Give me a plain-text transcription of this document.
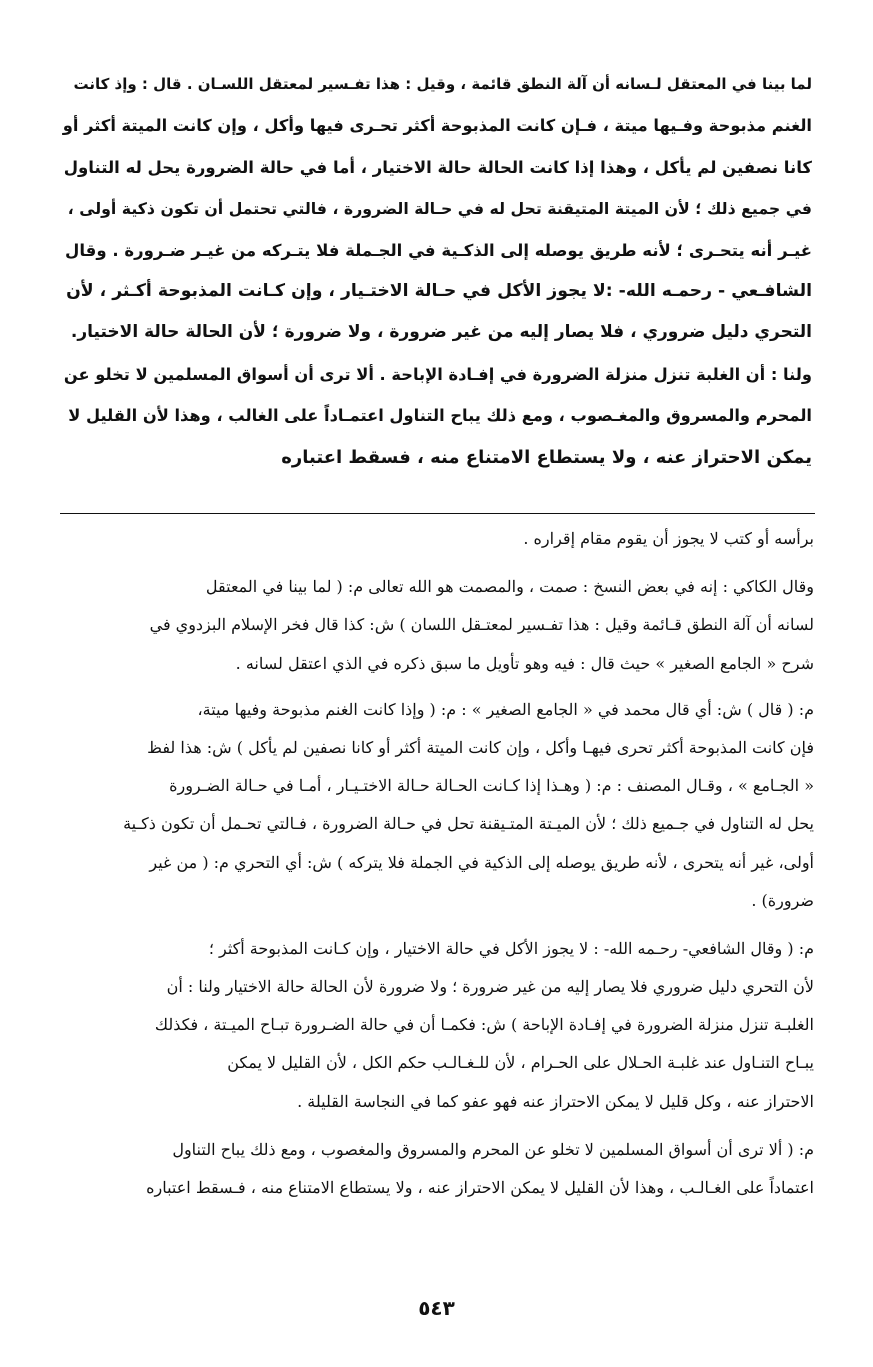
لما بينا في المعتقل لـسانه أن آلة النطق قائمة ، وقيل : هذا تفـسير لمعتقل اللسـان . قال : وإذ كانت
الغنم مذبوحة وفـيها ميتة ، فـإن كانت المذبوحة أكثر تحـرى فيها وأكل ، وإن كانت الميتة أكثر أو
كانا نصفين لم يأكل ، وهذا إذا كانت الحالة حالة الاختيار ، أما في حالة الضرورة يحل له التناول
في جميع ذلك ؛ لأن الميتة المتيقنة تحل له في حـالة الضرورة ، فالتي تحتمل أن تكون ذكية أولى ،
غيـر أنه يتحـرى ؛ لأنه طريق يوصله إلى الذكـية في الجـملة فلا يتـركه من غيـر ضـرورة . وقال
الشافـعي - رحمـه الله- :لا يجوز الأكل في حـالة الاختـيار ، وإن كـانت المذبوحة أكـثر ، لأن
التحري دليل ضروري ، فلا يصار إليه من غير ضرورة ، ولا ضرورة ؛ لأن الحالة حالة الاختيار.
ولنا : أن الغلبة تنزل منزلة الضرورة في إفـادة الإباحة . ألا ترى أن أسواق المسلمين لا تخلو عن
المحرم والمسروق والمغـصوب ، ومع ذلك يباح التناول اعتمـاداً على الغالب ، وهذا لأن القليل لا
يمكن الاحتراز عنه ، ولا يستطاع الامتناع منه ، فسقط اعتباره
برأسه أو كتب لا يجوز أن يقوم مقام إقراره .
وقال الكاكي : إنه في بعض النسخ : صمت ، والمصمت هو الله تعالى م: ( لما بينا في المعتقل
لسانه أن آلة النطق قـائمة وقيل : هذا تفـسير لمعتـقل اللسان ) ش: كذا قال فخر الإسلام البزدوي في
شرح « الجامع الصغير » حيث قال : فيه وهو تأويل ما سبق ذكره في الذي اعتقل لسانه .
م: ( قال ) ش: أي قال محمد في « الجامع الصغير » : م: ( وإذا كانت الغنم مذبوحة وفيها ميتة،
فإن كانت المذبوحة أكثر تحرى فيهـا وأكل ، وإن كانت الميتة أكثر أو كانا نصفين لم يأكل ) ش: هذا لفظ
« الجـامع » ، وقـال المصنف : م: ( وهـذا إذا كـانت الحـالة حـالة الاختـيـار ، أمـا في حـالة الضـرورة
يحل له التناول في جـميع ذلك ؛ لأن الميـتة المتـيقنة تحل في حـالة الضرورة ، فـالتي تحـمل أن تكون ذكـية
أولى، غير أنه يتحرى ، لأنه طريق يوصله إلى الذكية في الجملة فلا يتركه ) ش: أي التحري م: ( من غير
ضرورة) .
م: ( وقال الشافعي- رحـمه الله- : لا يجوز الأكل في حالة الاختيار ، وإن كـانت المذبوحة أكثر ؛
لأن التحري دليل ضروري فلا يصار إليه من غير ضرورة ؛ ولا ضرورة لأن الحالة حالة الاختيار ولنا : أن
الغلبـة تنزل منزلة الضرورة في إفـادة الإباحة ) ش: فكمـا أن في حالة الضـرورة تبـاح الميـتة ، فكذلك
يبـاح التنـاول عند غلبـة الحـلال على الحـرام ، لأن للـغـالـب حكم الكل ، لأن القليل لا يمكن
الاحتراز عنه ، وكل قليل لا يمكن الاحتراز عنه فهو عفو كما في النجاسة القليلة .
م: ( ألا ترى أن أسواق المسلمين لا تخلو عن المحرم والمسروق والمغصوب ، ومع ذلك يباح التناول
اعتماداً على الغـالـب ، وهذا لأن القليل لا يمكن الاحتراز عنه ، ولا يستطاع الامتناع منه ، فـسقط اعتباره
٥٤٣
